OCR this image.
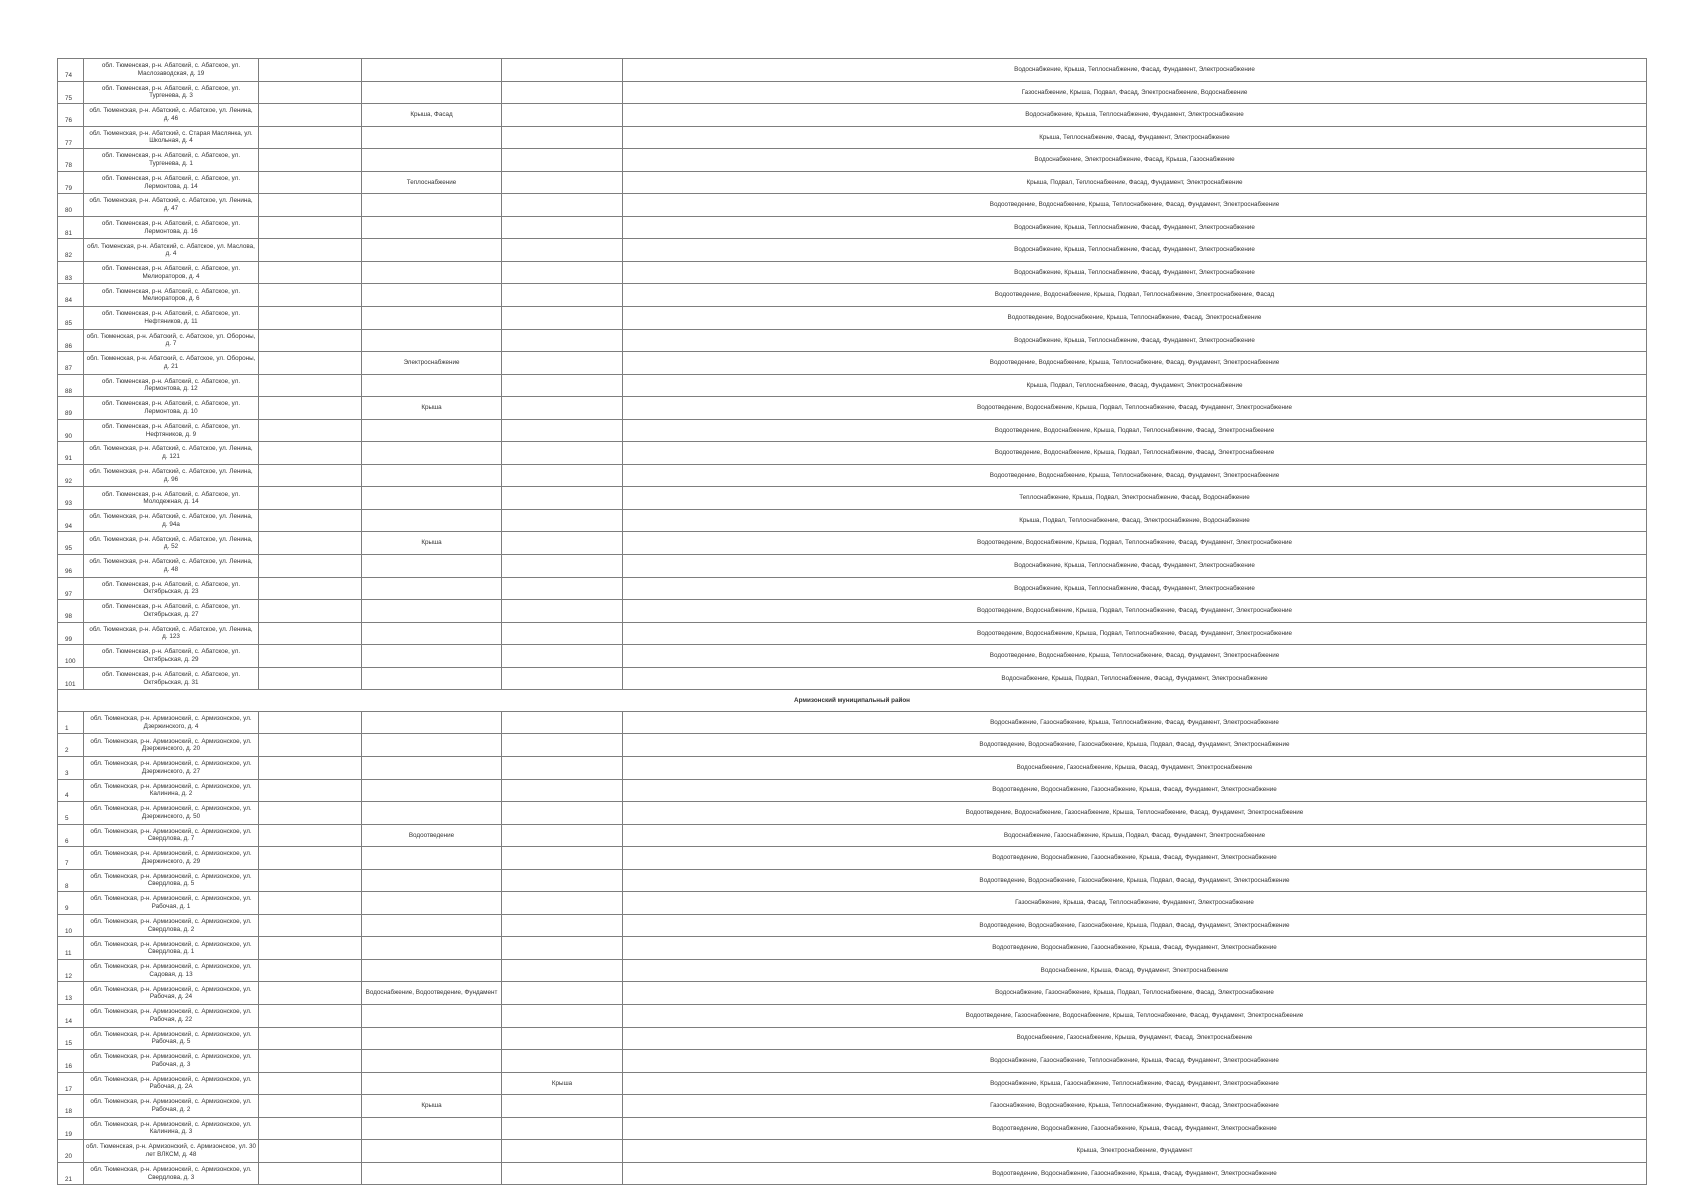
74	обл. Тюменская, р-н. Абатский, с. Абатское, ул. Маслозаводская, д. 19				Водоснабжение, Крыша, Теплоснабжение, Фасад, Фундамент, Электроснабжение
75	обл. Тюменская, р-н. Абатский, с. Абатское, ул. Тургенева, д. 3				Газоснабжение, Крыша, Подвал, Фасад, Электроснабжение, Водоснабжение
76	обл. Тюменская, р-н. Абатский, с. Абатское, ул. Ленина, д. 46		Крыша, Фасад		Водоснабжение, Крыша, Теплоснабжение, Фундамент, Электроснабжение
77	обл. Тюменская, р-н. Абатский, с. Старая Маслянка, ул. Школьная, д. 4				Крыша, Теплоснабжение, Фасад, Фундамент, Электроснабжение
78	обл. Тюменская, р-н. Абатский, с. Абатское, ул. Тургенева, д. 1				Водоснабжение, Электроснабжение, Фасад, Крыша, Газоснабжение
79	обл. Тюменская, р-н. Абатский, с. Абатское, ул. Лермонтова, д. 14		Теплоснабжение		Крыша, Подвал, Теплоснабжение, Фасад, Фундамент, Электроснабжение
80	обл. Тюменская, р-н. Абатский, с. Абатское, ул. Ленина, д. 47				Водоотведение, Водоснабжение, Крыша, Теплоснабжение, Фасад, Фундамент, Электроснабжение
81	обл. Тюменская, р-н. Абатский, с. Абатское, ул. Лермонтова, д. 16				Водоснабжение, Крыша, Теплоснабжение, Фасад, Фундамент, Электроснабжение
82	обл. Тюменская, р-н. Абатский, с. Абатское, ул. Маслова, д. 4				Водоснабжение, Крыша, Теплоснабжение, Фасад, Фундамент, Электроснабжение
83	обл. Тюменская, р-н. Абатский, с. Абатское, ул. Мелиораторов, д. 4				Водоснабжение, Крыша, Теплоснабжение, Фасад, Фундамент, Электроснабжение
84	обл. Тюменская, р-н. Абатский, с. Абатское, ул. Мелиораторов, д. 6				Водоотведение, Водоснабжение, Крыша, Подвал, Теплоснабжение, Электроснабжение, Фасад
85	обл. Тюменская, р-н. Абатский, с. Абатское, ул. Нефтяников, д. 11				Водоотведение, Водоснабжение, Крыша, Теплоснабжение, Фасад, Электроснабжение
86	обл. Тюменская, р-н. Абатский, с. Абатское, ул. Обороны, д. 7				Водоснабжение, Крыша, Теплоснабжение, Фасад, Фундамент, Электроснабжение
87	обл. Тюменская, р-н. Абатский, с. Абатское, ул. Обороны, д. 21		Электроснабжение		Водоотведение, Водоснабжение, Крыша, Теплоснабжение, Фасад, Фундамент, Электроснабжение
88	обл. Тюменская, р-н. Абатский, с. Абатское, ул. Лермонтова, д. 12				Крыша, Подвал, Теплоснабжение, Фасад, Фундамент, Электроснабжение
89	обл. Тюменская, р-н. Абатский, с. Абатское, ул. Лермонтова, д. 10		Крыша		Водоотведение, Водоснабжение, Крыша, Подвал, Теплоснабжение, Фасад, Фундамент, Электроснабжение
90	обл. Тюменская, р-н. Абатский, с. Абатское, ул. Нефтяников, д. 9				Водоотведение, Водоснабжение, Крыша, Подвал, Теплоснабжение, Фасад, Электроснабжение
91	обл. Тюменская, р-н. Абатский, с. Абатское, ул. Ленина, д. 121				Водоотведение, Водоснабжение, Крыша, Подвал, Теплоснабжение, Фасад, Электроснабжение
92	обл. Тюменская, р-н. Абатский, с. Абатское, ул. Ленина, д. 96				Водоотведение, Водоснабжение, Крыша, Теплоснабжение, Фасад, Фундамент, Электроснабжение
93	обл. Тюменская, р-н. Абатский, с. Абатское, ул. Молодежная, д. 14				Теплоснабжение, Крыша, Подвал, Электроснабжение, Фасад, Водоснабжение
94	обл. Тюменская, р-н. Абатский, с. Абатское, ул. Ленина, д. 94а				Крыша, Подвал, Теплоснабжение, Фасад, Электроснабжение, Водоснабжение
95	обл. Тюменская, р-н. Абатский, с. Абатское, ул. Ленина, д. 52		Крыша		Водоотведение, Водоснабжение, Крыша, Подвал, Теплоснабжение, Фасад, Фундамент, Электроснабжение
96	обл. Тюменская, р-н. Абатский, с. Абатское, ул. Ленина, д. 48				Водоснабжение, Крыша, Теплоснабжение, Фасад, Фундамент, Электроснабжение
97	обл. Тюменская, р-н. Абатский, с. Абатское, ул. Октябрьская, д. 23				Водоснабжение, Крыша, Теплоснабжение, Фасад, Фундамент, Электроснабжение
98	обл. Тюменская, р-н. Абатский, с. Абатское, ул. Октябрьская, д. 27				Водоотведение, Водоснабжение, Крыша, Подвал, Теплоснабжение, Фасад, Фундамент, Электроснабжение
99	обл. Тюменская, р-н. Абатский, с. Абатское, ул. Ленина, д. 123				Водоотведение, Водоснабжение, Крыша, Подвал, Теплоснабжение, Фасад, Фундамент, Электроснабжение
100	обл. Тюменская, р-н. Абатский, с. Абатское, ул. Октябрьская, д. 29				Водоотведение, Водоснабжение, Крыша, Теплоснабжение, Фасад, Фундамент, Электроснабжение
101	обл. Тюменская, р-н. Абатский, с. Абатское, ул. Октябрьская, д. 31				Водоснабжение, Крыша, Подвал, Теплоснабжение, Фасад, Фундамент, Электроснабжение
Армизонский муниципальный район					
1	обл. Тюменская, р-н. Армизонский, с. Армизонское, ул. Дзержинского, д. 4				Водоснабжение, Газоснабжение, Крыша, Теплоснабжение, Фасад, Фундамент, Электроснабжение
2	обл. Тюменская, р-н. Армизонский, с. Армизонское, ул. Дзержинского, д. 20				Водоотведение, Водоснабжение, Газоснабжение, Крыша, Подвал, Фасад, Фундамент, Электроснабжение
3	обл. Тюменская, р-н. Армизонский, с. Армизонское, ул. Дзержинского, д. 27				Водоснабжение, Газоснабжение, Крыша, Фасад, Фундамент, Электроснабжение
4	обл. Тюменская, р-н. Армизонский, с. Армизонское, ул. Калинина, д. 2				Водоотведение, Водоснабжение, Газоснабжение, Крыша, Фасад, Фундамент, Электроснабжение
5	обл. Тюменская, р-н. Армизонский, с. Армизонское, ул. Дзержинского, д. 50				Водоотведение, Водоснабжение, Газоснабжение, Крыша, Теплоснабжение, Фасад, Фундамент, Электроснабжение
6	обл. Тюменская, р-н. Армизонский, с. Армизонское, ул. Свердлова, д. 7		Водоотведение		Водоснабжение, Газоснабжение, Крыша, Подвал, Фасад, Фундамент, Электроснабжение
7	обл. Тюменская, р-н. Армизонский, с. Армизонское, ул. Дзержинского, д. 29				Водоотведение, Водоснабжение, Газоснабжение, Крыша, Фасад, Фундамент, Электроснабжение
8	обл. Тюменская, р-н. Армизонский, с. Армизонское, ул. Свердлова, д. 5				Водоотведение, Водоснабжение, Газоснабжение, Крыша, Подвал, Фасад, Фундамент, Электроснабжение
9	обл. Тюменская, р-н. Армизонский, с. Армизонское, ул. Рабочая, д. 1				Газоснабжение, Крыша, Фасад, Теплоснабжение, Фундамент, Электроснабжение
10	обл. Тюменская, р-н. Армизонский, с. Армизонское, ул. Свердлова, д. 2				Водоотведение, Водоснабжение, Газоснабжение, Крыша, Подвал, Фасад, Фундамент, Электроснабжение
11	обл. Тюменская, р-н. Армизонский, с. Армизонское, ул. Свердлова, д. 1				Водоотведение, Водоснабжение, Газоснабжение, Крыша, Фасад, Фундамент, Электроснабжение
12	обл. Тюменская, р-н. Армизонский, с. Армизонское, ул. Садовая, д. 13				Водоснабжение, Крыша, Фасад, Фундамент, Электроснабжение
13	обл. Тюменская, р-н. Армизонский, с. Армизонское, ул. Рабочая, д. 24		Водоснабжение, Водоотведение, Фундамент		Водоснабжение, Газоснабжение, Крыша, Подвал, Теплоснабжение, Фасад, Электроснабжение
14	обл. Тюменская, р-н. Армизонский, с. Армизонское, ул. Рабочая, д. 22				Водоотведение, Газоснабжение, Водоснабжение, Крыша, Теплоснабжение, Фасад, Фундамент, Электроснабжение
15	обл. Тюменская, р-н. Армизонский, с. Армизонское, ул. Рабочая, д. 5				Водоснабжение, Газоснабжение, Крыша, Фундамент, Фасад, Электроснабжение
16	обл. Тюменская, р-н. Армизонский, с. Армизонское, ул. Рабочая, д. 3				Водоснабжение, Газоснабжение, Теплоснабжение, Крыша, Фасад, Фундамент, Электроснабжение
17	обл. Тюменская, р-н. Армизонский, с. Армизонское, ул. Рабочая, д. 2А			Крыша	Водоснабжение, Крыша, Газоснабжение, Теплоснабжение, Фасад, Фундамент, Электроснабжение
18	обл. Тюменская, р-н. Армизонский, с. Армизонское, ул. Рабочая, д. 2		Крыша		Газоснабжение, Водоснабжение, Крыша, Теплоснабжение, Фундамент, Фасад, Электроснабжение
19	обл. Тюменская, р-н. Армизонский, с. Армизонское, ул. Калинина, д. 3				Водоотведение, Водоснабжение, Газоснабжение, Крыша, Фасад, Фундамент, Электроснабжение
20	обл. Тюменская, р-н. Армизонский, с. Армизонское, ул. 30 лет ВЛКСМ, д. 48				Крыша, Электроснабжение, Фундамент
21	обл. Тюменская, р-н. Армизонский, с. Армизонское, ул. Свердлова, д. 3				Водоотведение, Водоснабжение, Газоснабжение, Крыша, Фасад, Фундамент, Электроснабжение
